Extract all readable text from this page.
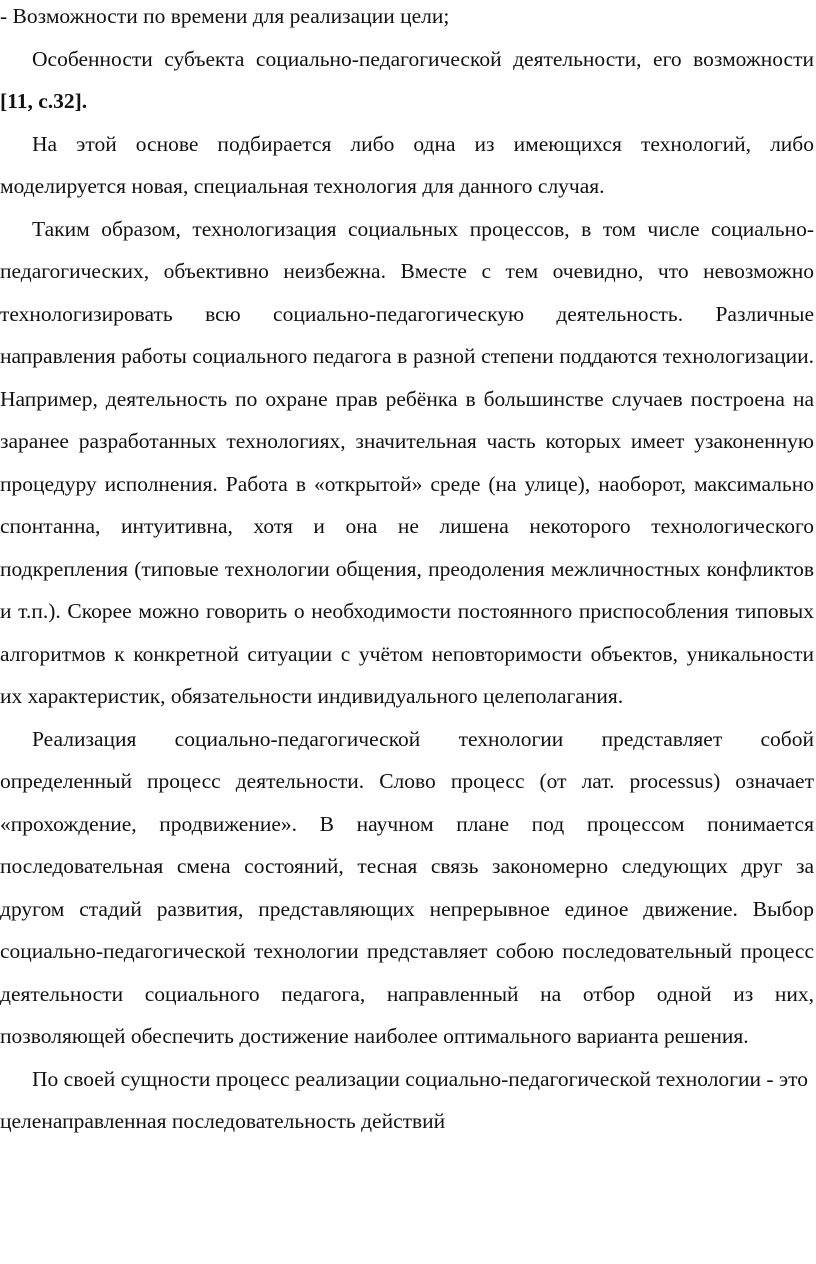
- Возможности по времени для реализации цели;

Особенности субъекта социально-педагогической деятельности, его возможности [11, с.32].

На этой основе подбирается либо одна из имеющихся технологий, либо моделируется новая, специальная технология для данного случая.

Таким образом, технологизация социальных процессов, в том числе социально-педагогических, объективно неизбежна. Вместе с тем очевидно, что невозможно технологизировать всю социально-педагогическую деятельность. Различные направления работы социального педагога в разной степени поддаются технологизации. Например, деятельность по охране прав ребёнка в большинстве случаев построена на заранее разработанных технологиях, значительная часть которых имеет узаконенную процедуру исполнения. Работа в «открытой» среде (на улице), наоборот, максимально спонтанна, интуитивна, хотя и она не лишена некоторого технологического подкрепления (типовые технологии общения, преодоления межличностных конфликтов и т.п.). Скорее можно говорить о необходимости постоянного приспособления типовых алгоритмов к конкретной ситуации с учётом неповторимости объектов, уникальности их характеристик, обязательности индивидуального целеполагания.

Реализация социально-педагогической технологии представляет собой определенный процесс деятельности. Слово процесс (от лат. processus) означает «прохождение, продвижение». В научном плане под процессом понимается последовательная смена состояний, тесная связь закономерно следующих друг за другом стадий развития, представляющих непрерывное единое движение. Выбор социально-педагогической технологии представляет собою последовательный процесс деятельности социального педагога, направленный на отбор одной из них, позволяющей обеспечить достижение наиболее оптимального варианта решения.

По своей сущности процесс реализации социально-педагогической технологии - это целенаправленная последовательность действий
